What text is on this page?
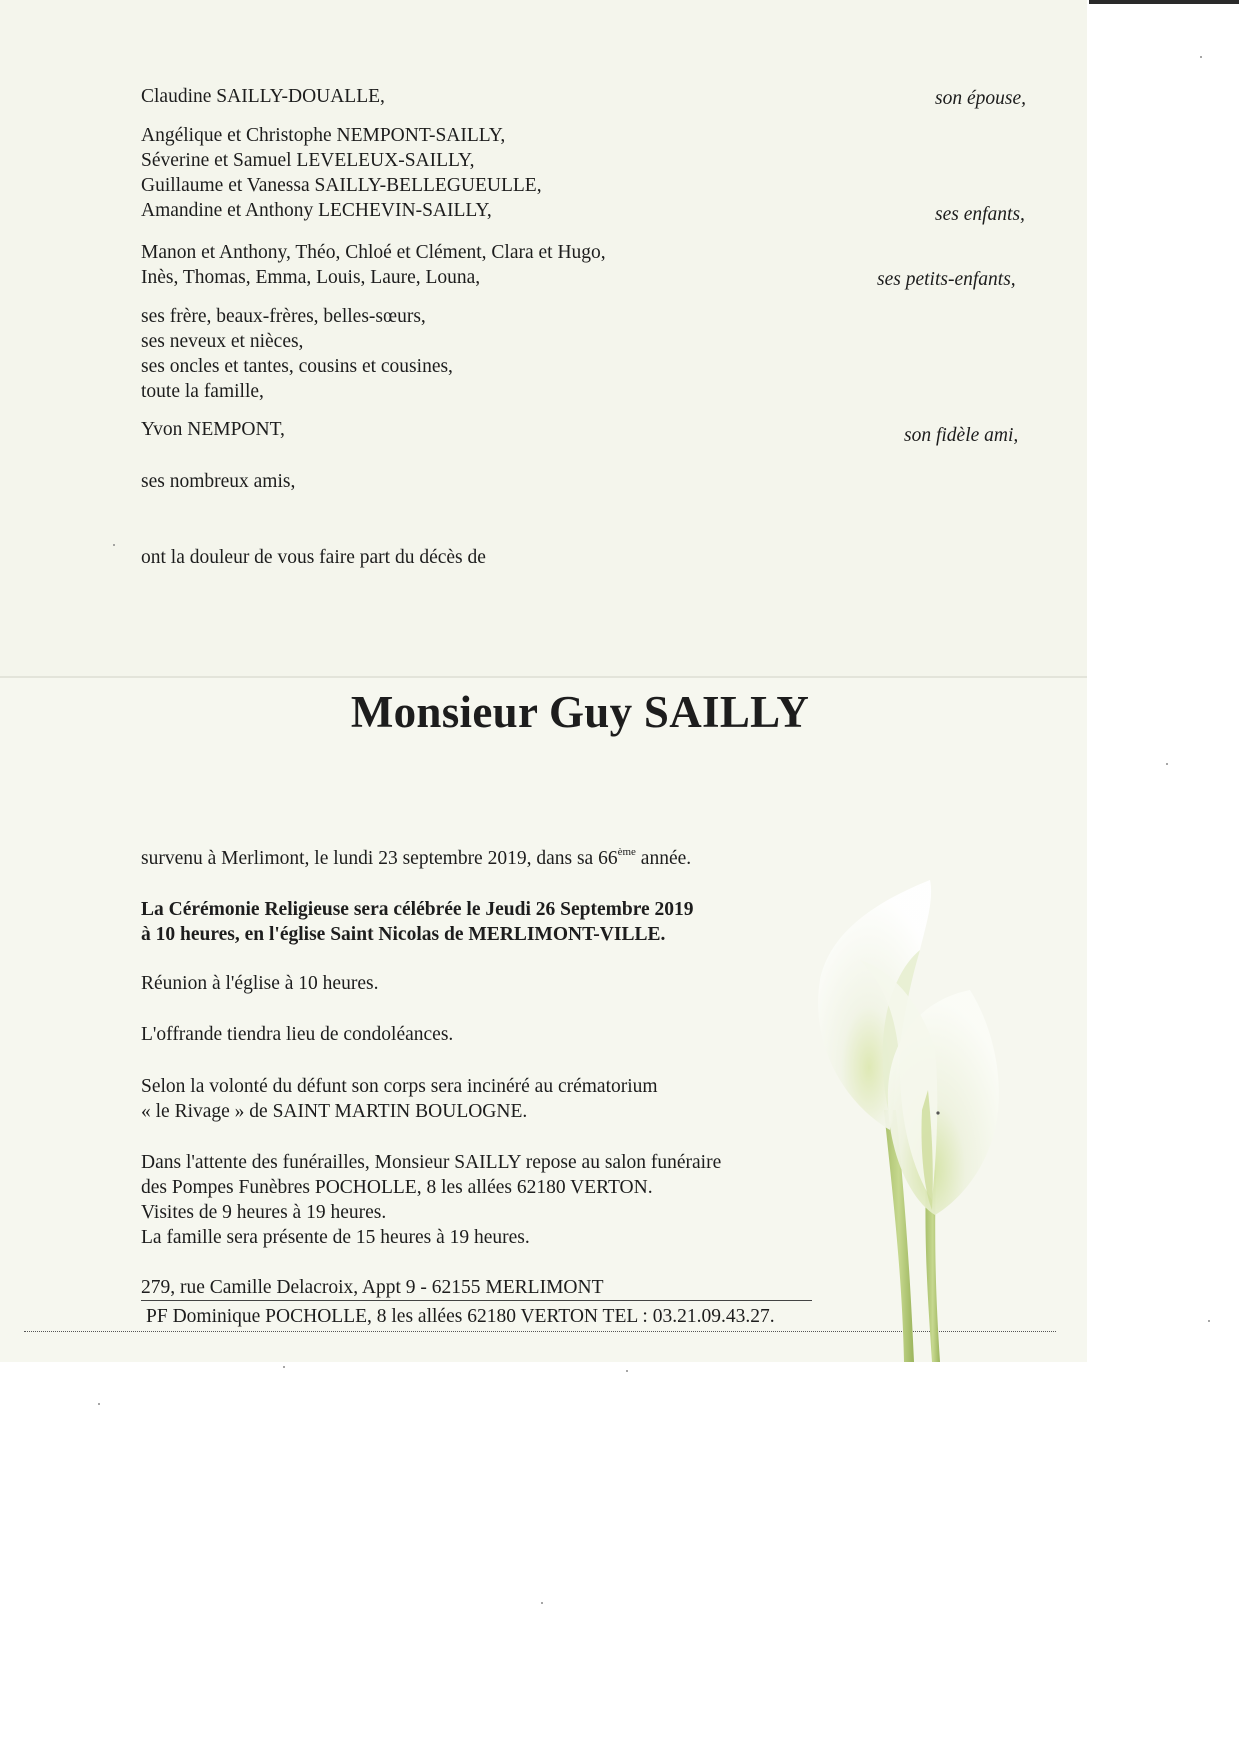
Claudine SAILLY-DOUALLE,	son épouse,
Angélique et Christophe NEMPONT-SAILLY,
Séverine et Samuel LEVELEUX-SAILLY,
Guillaume et Vanessa SAILLY-BELLEGUEULLE,
Amandine et Anthony LECHEVIN-SAILLY,	ses enfants,
Manon et Anthony, Théo, Chloé et Clément, Clara et Hugo,
Inès, Thomas, Emma, Louis, Laure, Louna,	ses petits-enfants,
ses frère, beaux-frères, belles-sœurs,
ses neveux et nièces,
ses oncles et tantes, cousins et cousines,
toute la famille,
Yvon NEMPONT,	son fidèle ami,
ses nombreux amis,
ont la douleur de vous faire part du décès de
Monsieur Guy SAILLY
survenu à Merlimont, le lundi 23 septembre 2019, dans sa 66ème année.
La Cérémonie Religieuse sera célébrée le Jeudi 26 Septembre 2019
à 10 heures, en l'église Saint Nicolas de MERLIMONT-VILLE.
Réunion à l'église à 10 heures.
L'offrande tiendra lieu de condoléances.
Selon la volonté du défunt son corps sera incinéré au crématorium
« le Rivage » de SAINT MARTIN BOULOGNE.
Dans l'attente des funérailles, Monsieur SAILLY repose au salon funéraire
des Pompes Funèbres POCHOLLE, 8 les allées 62180 VERTON.
Visites de 9 heures à 19 heures.
La famille sera présente de 15 heures à 19 heures.
279, rue Camille Delacroix, Appt 9 - 62155 MERLIMONT
PF Dominique POCHOLLE, 8 les allées 62180 VERTON TEL : 03.21.09.43.27.
